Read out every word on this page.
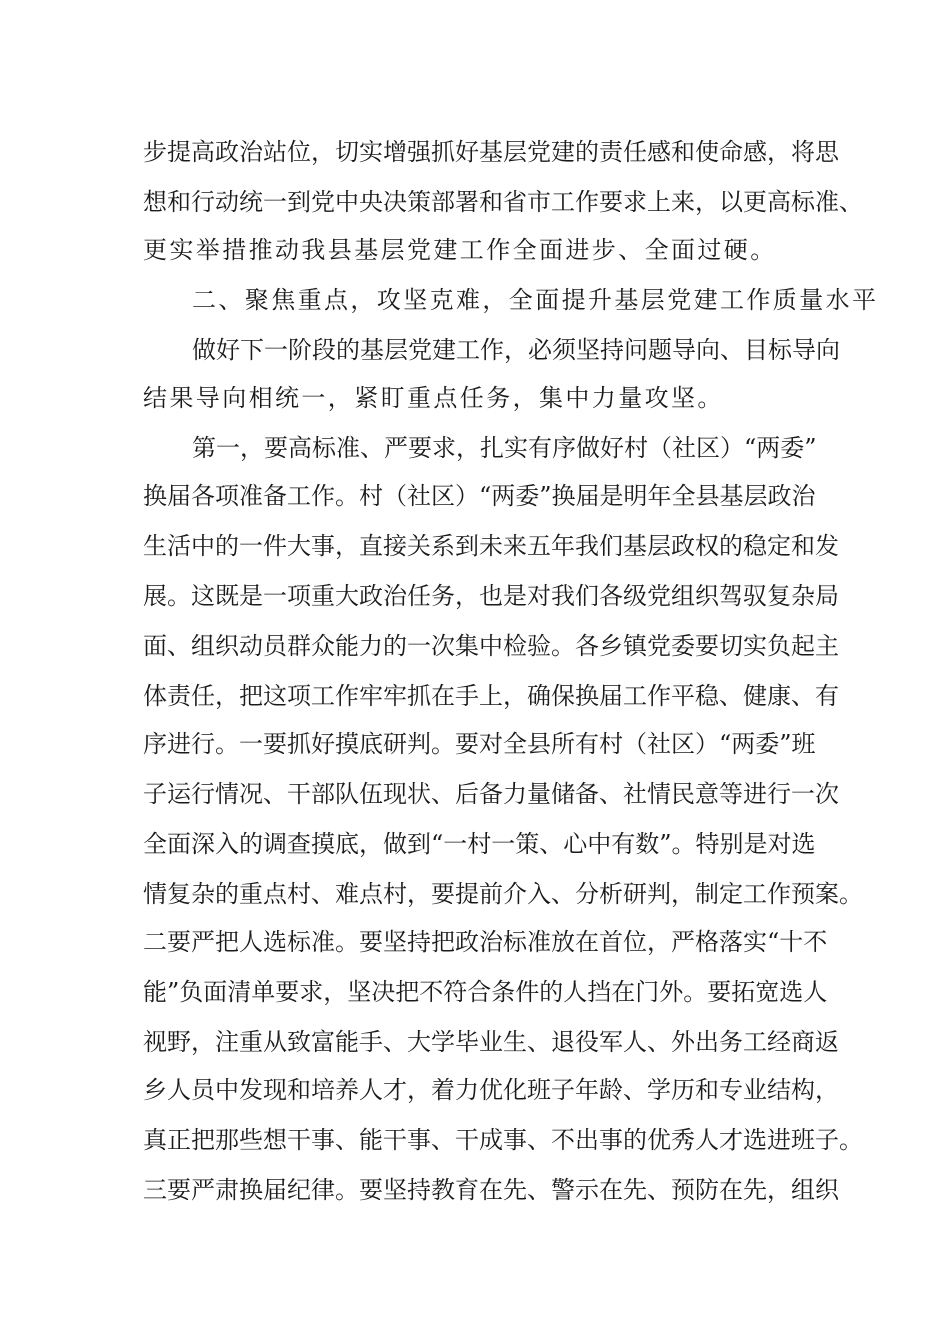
步提高政治站位，切实增强抓好基层党建的责任感和使命感，将思
想和行动统一到党中央决策部署和省市工作要求上来，以更高标准、
更实举措推动我县基层党建工作全面进步、全面过硬。
二、聚焦重点，攻坚克难，全面提升基层党建工作质量水平
做好下一阶段的基层党建工作，必须坚持问题导向、目标导向
结果导向相统一，紧盯重点任务，集中力量攻坚。
第一，要高标准、严要求，扎实有序做好村（社区）“两委”
换届各项准备工作。村（社区）“两委”换届是明年全县基层政治
生活中的一件大事，直接关系到未来五年我们基层政权的稳定和发
展。这既是一项重大政治任务，也是对我们各级党组织驾驭复杂局
面、组织动员群众能力的一次集中检验。各乡镇党委要切实负起主
体责任，把这项工作牢牢抓在手上，确保换届工作平稳、健康、有
序进行。一要抓好摸底研判。要对全县所有村（社区）“两委”班
子运行情况、干部队伍现状、后备力量储备、社情民意等进行一次
全面深入的调查摸底，做到“一村一策、心中有数”。特别是对选
情复杂的重点村、难点村，要提前介入、分析研判，制定工作预案。
二要严把人选标准。要坚持把政治标准放在首位，严格落实“十不
能”负面清单要求，坚决把不符合条件的人挡在门外。要拓宽选人
视野，注重从致富能手、大学毕业生、退役军人、外出务工经商返
乡人员中发现和培养人才，着力优化班子年龄、学历和专业结构，
真正把那些想干事、能干事、干成事、不出事的优秀人才选进班子。
三要严肃换届纪律。要坚持教育在先、警示在先、预防在先，组织
